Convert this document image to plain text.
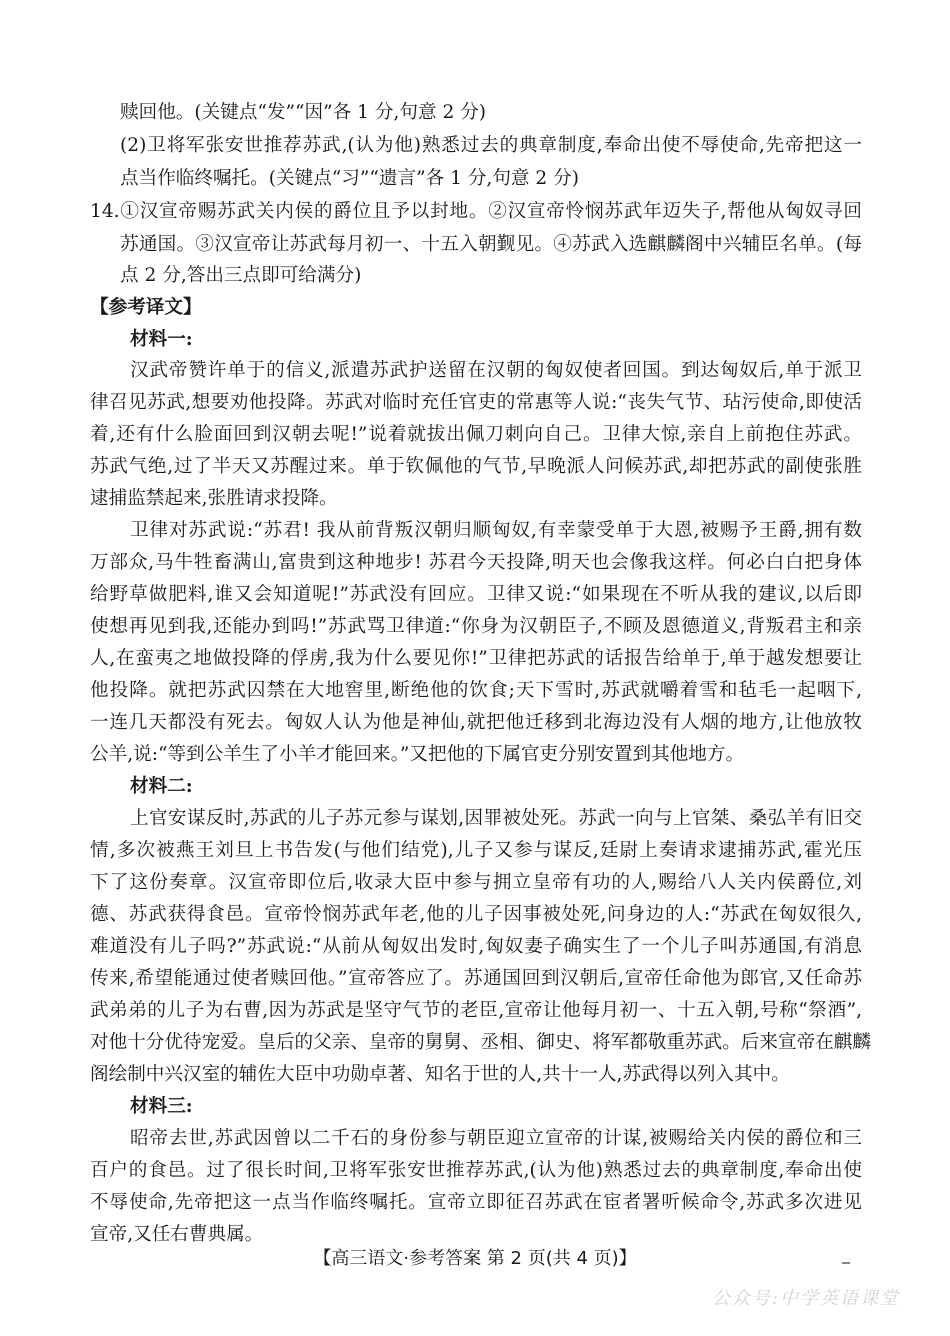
赎回他。(关键点“发”“因”各 1 分,句意 2 分)
(2)卫将军张安世推荐苏武,(认为他)熟悉过去的典章制度,奉命出使不辱使命,先帝把这一
点当作临终嘱托。(关键点“习”“遗言”各 1 分,句意 2 分)
14.①汉宣帝赐苏武关内侯的爵位且予以封地。②汉宣帝怜悯苏武年迈失子,帮他从匈奴寻回
苏通国。③汉宣帝让苏武每月初一、十五入朝觐见。④苏武入选麒麟阁中兴辅臣名单。(每
点 2 分,答出三点即可给满分)
【参考译文】
材料一:
汉武帝赞许单于的信义,派遣苏武护送留在汉朝的匈奴使者回国。到达匈奴后,单于派卫
律召见苏武,想要劝他投降。苏武对临时充任官吏的常惠等人说:“丧失气节、玷污使命,即使活
着,还有什么脸面回到汉朝去呢!”说着就拔出佩刀刺向自己。卫律大惊,亲自上前抱住苏武。
苏武气绝,过了半天又苏醒过来。单于钦佩他的气节,早晚派人问候苏武,却把苏武的副使张胜
逮捕监禁起来,张胜请求投降。
卫律对苏武说:“苏君! 我从前背叛汉朝归顺匈奴,有幸蒙受单于大恩,被赐予王爵,拥有数
万部众,马牛牲畜满山,富贵到这种地步! 苏君今天投降,明天也会像我这样。何必白白把身体
给野草做肥料,谁又会知道呢!”苏武没有回应。卫律又说:“如果现在不听从我的建议,以后即
使想再见到我,还能办到吗!”苏武骂卫律道:“你身为汉朝臣子,不顾及恩德道义,背叛君主和亲
人,在蛮夷之地做投降的俘虏,我为什么要见你!”卫律把苏武的话报告给单于,单于越发想要让
他投降。就把苏武囚禁在大地窖里,断绝他的饮食;天下雪时,苏武就嚼着雪和毡毛一起咽下,
一连几天都没有死去。匈奴人认为他是神仙,就把他迁移到北海边没有人烟的地方,让他放牧
公羊,说:“等到公羊生了小羊才能回来。”又把他的下属官吏分别安置到其他地方。
材料二:
上官安谋反时,苏武的儿子苏元参与谋划,因罪被处死。苏武一向与上官桀、桑弘羊有旧交
情,多次被燕王刘旦上书告发(与他们结党),儿子又参与谋反,廷尉上奏请求逮捕苏武,霍光压
下了这份奏章。汉宣帝即位后,收录大臣中参与拥立皇帝有功的人,赐给八人关内侯爵位,刘
德、苏武获得食邑。宣帝怜悯苏武年老,他的儿子因事被处死,问身边的人:“苏武在匈奴很久,
难道没有儿子吗?”苏武说:“从前从匈奴出发时,匈奴妻子确实生了一个儿子叫苏通国,有消息
传来,希望能通过使者赎回他。”宣帝答应了。苏通国回到汉朝后,宣帝任命他为郎官,又任命苏
武弟弟的儿子为右曹,因为苏武是坚守气节的老臣,宣帝让他每月初一、十五入朝,号称“祭酒”,
对他十分优待宠爱。皇后的父亲、皇帝的舅舅、丞相、御史、将军都敬重苏武。后来宣帝在麒麟
阁绘制中兴汉室的辅佐大臣中功勋卓著、知名于世的人,共十一人,苏武得以列入其中。
材料三:
昭帝去世,苏武因曾以二千石的身份参与朝臣迎立宣帝的计谋,被赐给关内侯的爵位和三
百户的食邑。过了很长时间,卫将军张安世推荐苏武,(认为他)熟悉过去的典章制度,奉命出使
不辱使命,先帝把这一点当作临终嘱托。宣帝立即征召苏武在宦者署听候命令,苏武多次进见
宣帝,又任右曹典属。
【高三语文·参考答案 第 2 页(共 4 页)】
公众号:中学英语课堂
